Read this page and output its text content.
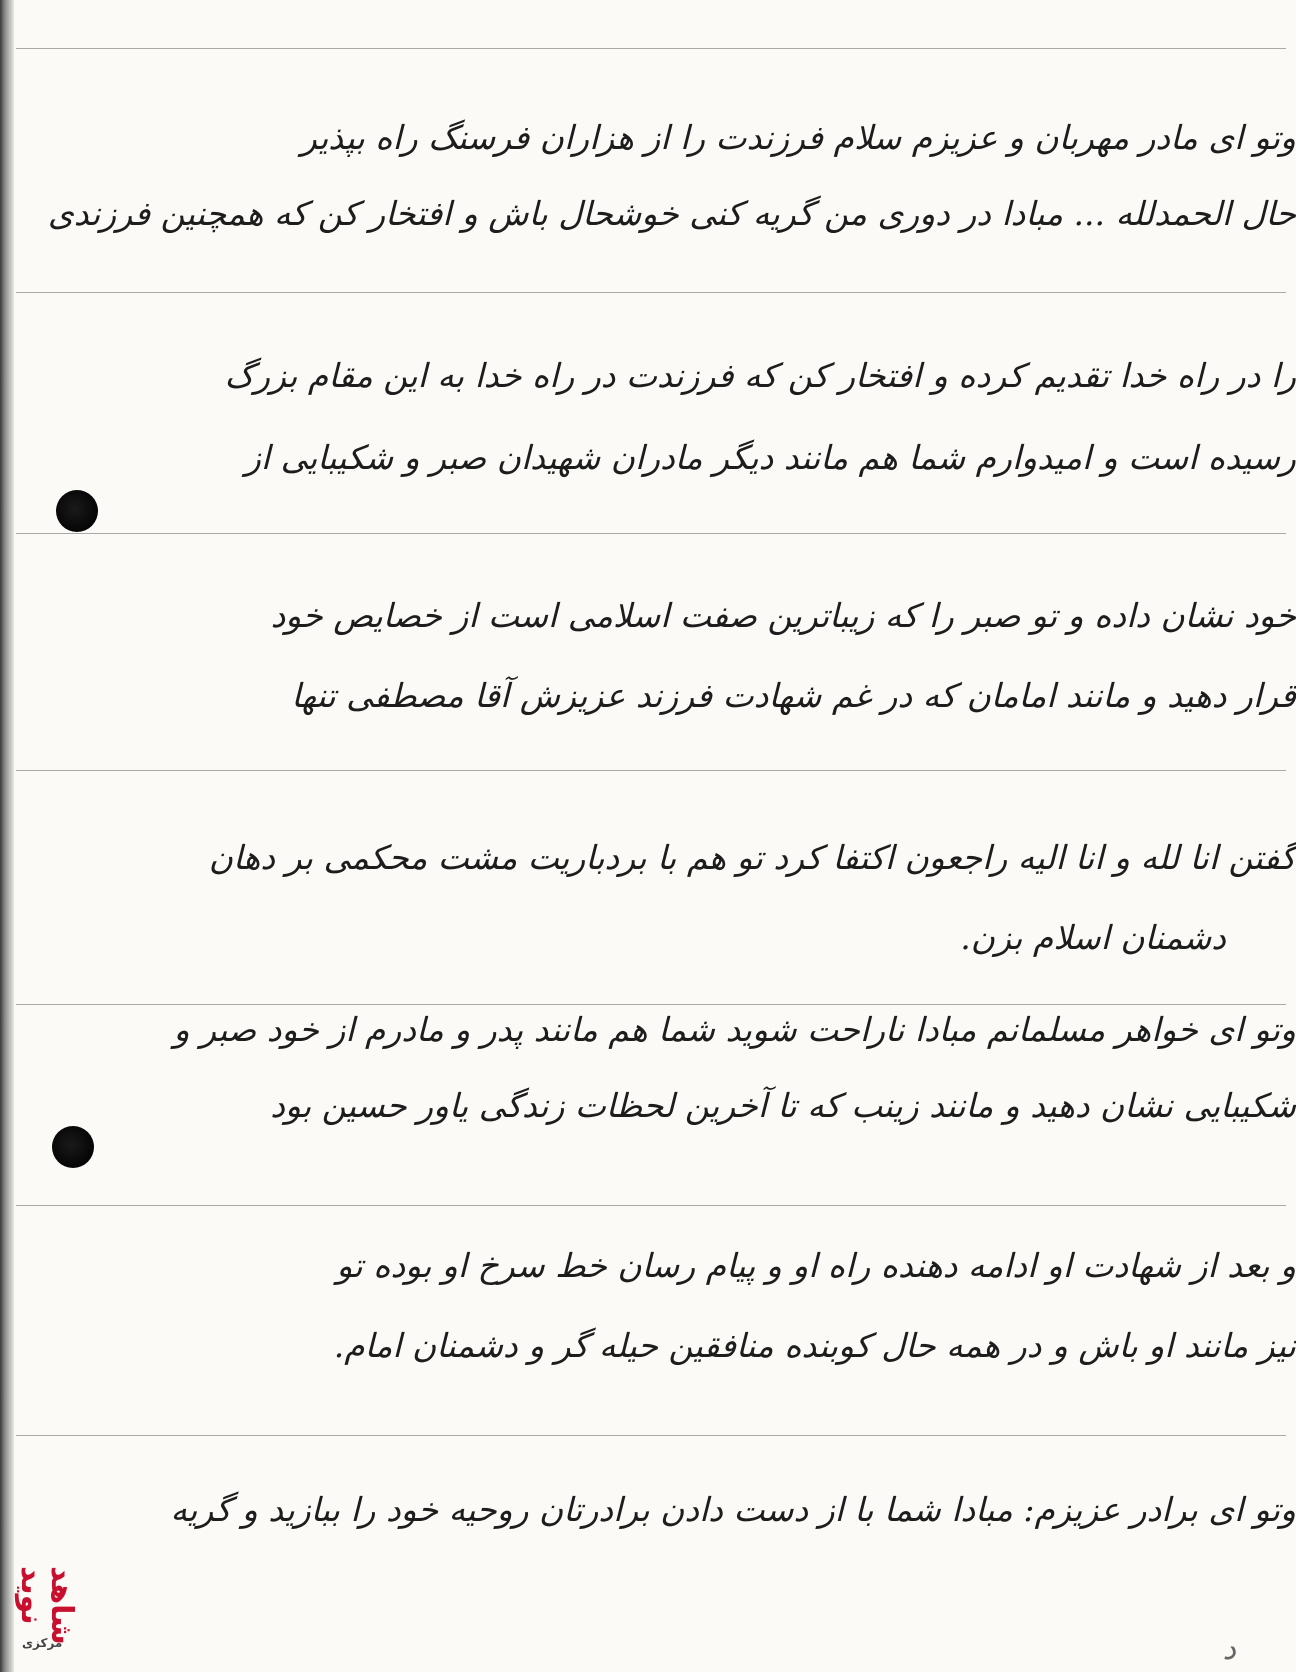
وتو ای مادر مهربان و عزیزم سلام فرزندت را از هزاران فرسنگ راه بپذیر
حال الحمدلله ... مبادا در دوری من گریه کنی خوشحال باش و افتخار کن که همچنین فرزندی
را در راه خدا تقدیم کرده و افتخار کن که فرزندت در راه خدا به این مقام بزرگ
رسیده است و امیدوارم شما هم مانند دیگر مادران شهیدان صبر و شکیبایی از
خود نشان داده و تو صبر را که زیباترین صفت اسلامی است از خصایص خود
قرار دهید و مانند امامان که در غم شهادت فرزند عزیزش آقا مصطفی تنها
گفتن انا لله و انا الیه راجعون اکتفا کرد تو هم با بردباریت مشت محکمی بر دهان
دشمنان اسلام بزن.
وتو ای خواهر مسلمانم مبادا ناراحت شوید شما هم مانند پدر و مادرم از خود صبر و
شکیبایی نشان دهید و مانند زینب که تا آخرین لحظات زندگی یاور حسین بود
و بعد از شهادت او ادامه دهنده راه او و پیام رسان خط سرخ او بوده تو
نیز مانند او باش و در همه حال کوبنده منافقین حیله گر و دشمنان امام.
وتو ای برادر عزیزم: مبادا شما با از دست دادن برادرتان روحیه خود را ببازید و گریه
شاهد نوید
مرکزی	د
